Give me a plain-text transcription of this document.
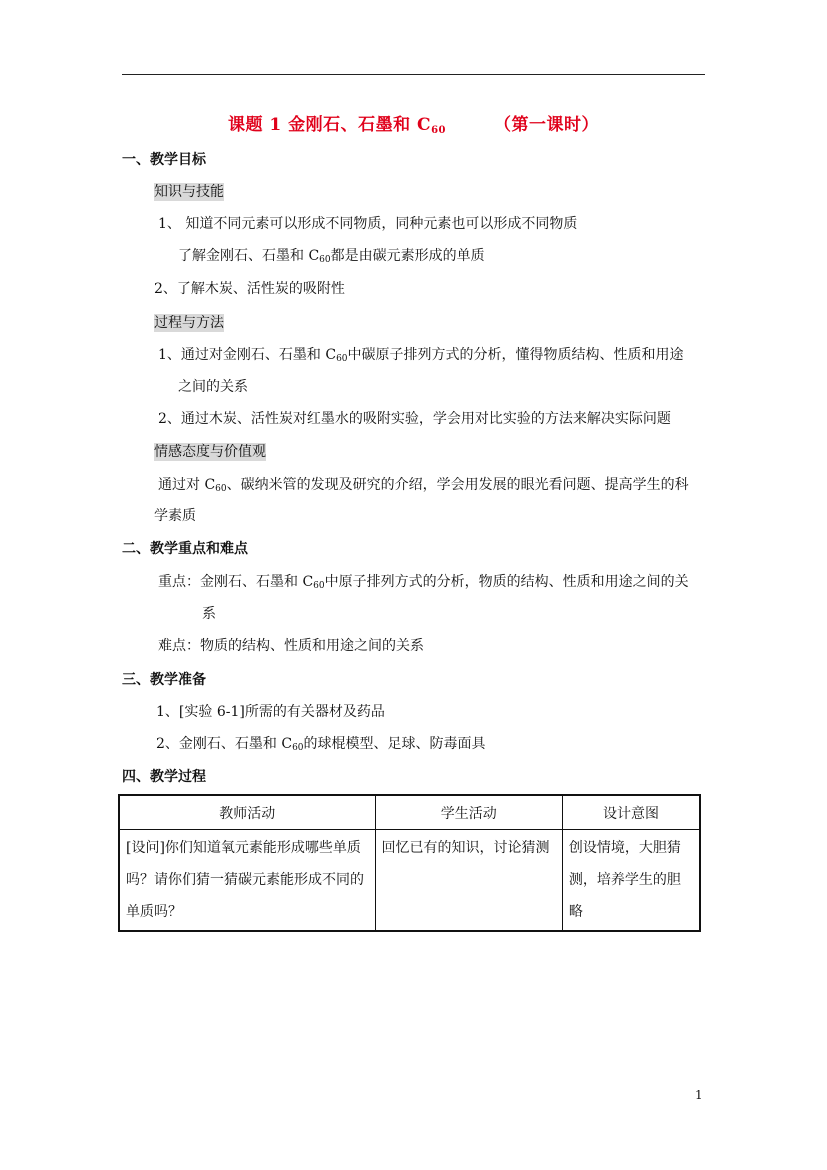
课题 1 金刚石、石墨和 $C_{60}$	（第一课时）
一、教学目标
知识与技能
1、 知道不同元素可以形成不同物质，同种元素也可以形成不同物质
了解金刚石、石墨和 $C_{60}$都是由碳元素形成的单质
2、了解木炭、活性炭的吸附性
过程与方法
1、通过对金刚石、石墨和 $C_{60}$中碳原子排列方式的分析，懂得物质结构、性质和用途
之间的关系
2、通过木炭、活性炭对红墨水的吸附实验，学会用对比实验的方法来解决实际问题
情感态度与价值观
通过对 $C_{60}$、碳纳米管的发现及研究的介绍，学会用发展的眼光看问题、提高学生的科
学素质
二、教学重点和难点
重点：金刚石、石墨和 $C_{60}$中原子排列方式的分析，物质的结构、性质和用途之间的关
系
难点：物质的结构、性质和用途之间的关系
三、教学准备
1、[实验 6-1]所需的有关器材及药品
2、金刚石、石墨和 $C_{60}$的球棍模型、足球、防毒面具
四、教学过程
教师活动	学生活动	设计意图
[设问]你们知道氧元素能形成哪些单质吗？请你们猜一猜碳元素能形成不同的单质吗？	回忆已有的知识，讨论猜测	创设情境，大胆猜测，培养学生的胆略
1
